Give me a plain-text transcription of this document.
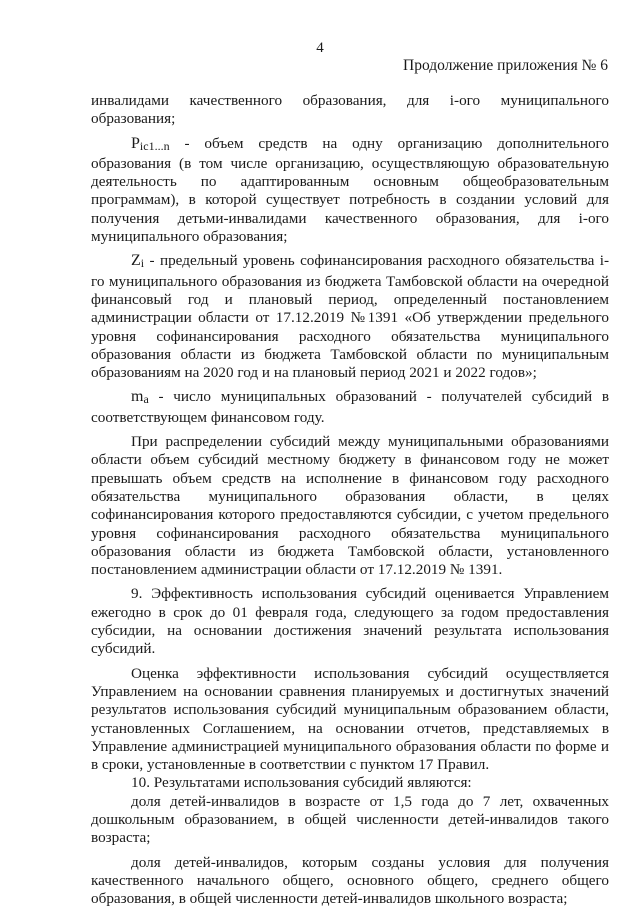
4
Продолжение приложения № 6

инвалидами качественного образования, для i-ого муниципального образования;

Pic1...n - объем средств на одну организацию дополнительного образования (в том числе организацию, осуществляющую образовательную деятельность по адаптированным основным общеобразовательным программам), в которой существует потребность в создании условий для получения детьми-инвалидами качественного образования, для i-ого муниципального образования;

Zi - предельный уровень софинансирования расходного обязательства i-го муниципального образования из бюджета Тамбовской области на очередной финансовый год и плановый период, определенный постановлением администрации области от 17.12.2019 №1391 «Об утверждении предельного уровня софинансирования расходного обязательства муниципального образования области из бюджета Тамбовской области по муниципальным образованиям на 2020 год и на плановый период 2021 и 2022 годов»;

ma - число муниципальных образований - получателей субсидий в соответствующем финансовом году.

При распределении субсидий между муниципальными образованиями области объем субсидий местному бюджету в финансовом году не может превышать объем средств на исполнение в финансовом году расходного обязательства муниципального образования области, в целях софинансирования которого предоставляются субсидии, с учетом предельного уровня софинансирования расходного обязательства муниципального образования области из бюджета Тамбовской области, установленного постановлением администрации области от 17.12.2019 № 1391.

9. Эффективность использования субсидий оценивается Управлением ежегодно в срок до 01 февраля года, следующего за годом предоставления субсидии, на основании достижения значений результата использования субсидий.

Оценка эффективности использования субсидий осуществляется Управлением на основании сравнения планируемых и достигнутых значений результатов использования субсидий муниципальным образованием области, установленных Соглашением, на основании отчетов, представляемых в Управление администрацией муниципального образования области по форме и в сроки, установленные в соответствии с пунктом 17 Правил.

10. Результатами использования субсидий являются:

доля детей-инвалидов в возрасте от 1,5 года до 7 лет, охваченных дошкольным образованием, в общей численности детей-инвалидов такого возраста;

доля детей-инвалидов, которым созданы условия для получения качественного начального общего, основного общего, среднего общего образования, в общей численности детей-инвалидов школьного возраста;
